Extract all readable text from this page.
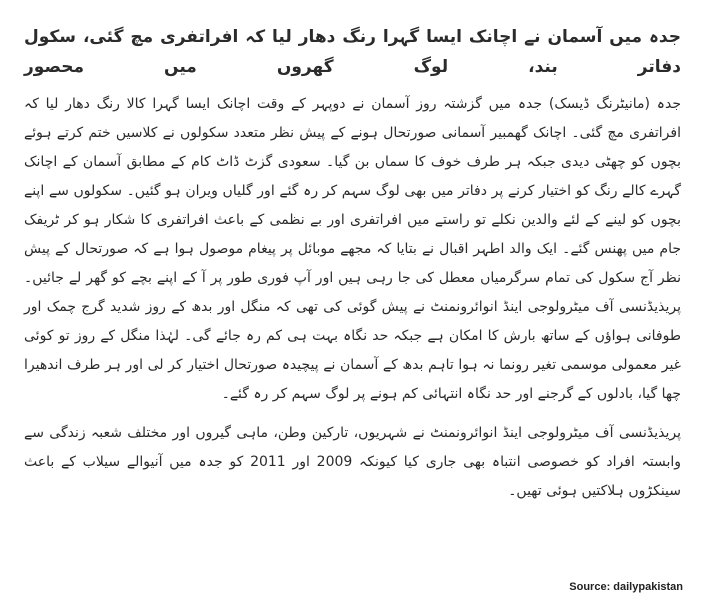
جدہ میں آسمان نے اچانک ایسا گہرا رنگ دھار لیا کہ افراتفری مچ گئی، سکول دفاتر بند، لوگ گھروں میں محصور

جدہ (مانیٹرنگ ڈیسک) جدہ میں گزشتہ روز آسمان نے دوپہر کے وقت اچانک ایسا گہرا کالا رنگ دھار لیا کہ افراتفری مچ گئی۔ اچانک گھمبیر آسمانی صورتحال ہونے کے پیش نظر متعدد سکولوں نے کلاسیں ختم کرتے ہوئے بچوں کو چھٹی دیدی جبکہ ہر طرف خوف کا سماں بن گیا۔ سعودی گزٹ ڈاٹ کام کے مطابق آسمان کے اچانک گہرے کالے رنگ کو اختیار کرنے پر دفاتر میں بھی لوگ سہم کر رہ گئے اور گلیاں ویران ہو گئیں۔ سکولوں سے اپنے بچوں کو لینے کے لئے والدین نکلے تو راستے میں افراتفری اور بے نظمی کے باعث افراتفری کا شکار ہو کر ٹریفک جام میں پھنس گئے۔ ایک والد اطہر اقبال نے بتایا کہ مجھے موبائل پر پیغام موصول ہوا ہے کہ صورتحال کے پیش نظر آج سکول کی تمام سرگرمیاں معطل کی جا رہی ہیں اور آپ فوری طور پر آ کے اپنے بچے کو گھر لے جائیں۔ پریذیڈنسی آف میٹرولوجی اینڈ انوائرونمنٹ نے پیش گوئی کی تھی کہ منگل اور بدھ کے روز شدید گرج چمک اور طوفانی ہواؤں کے ساتھ بارش کا امکان ہے جبکہ حد نگاہ بہت ہی کم رہ جائے گی۔ لہٰذا منگل کے روز تو کوئی غیر معمولی موسمی تغیر رونما نہ ہوا تاہم بدھ کے آسمان نے پیچیدہ صورتحال اختیار کر لی اور ہر طرف اندھیرا چھا گیا، بادلوں کے گرجنے اور حد نگاہ انتہائی کم ہونے پر لوگ سہم کر رہ گئے۔

پریذیڈنسی آف میٹرولوجی اینڈ انوائرونمنٹ نے شہریوں، تارکین وطن، ماہی گیروں اور مختلف شعبہ زندگی سے وابستہ افراد کو خصوصی انتباہ بھی جاری کیا کیونکہ 2009 اور 2011 کو جدہ میں آنیوالے سیلاب کے باعث سینکڑوں ہلاکتیں ہوئی تھیں۔

Source: dailypakistan
